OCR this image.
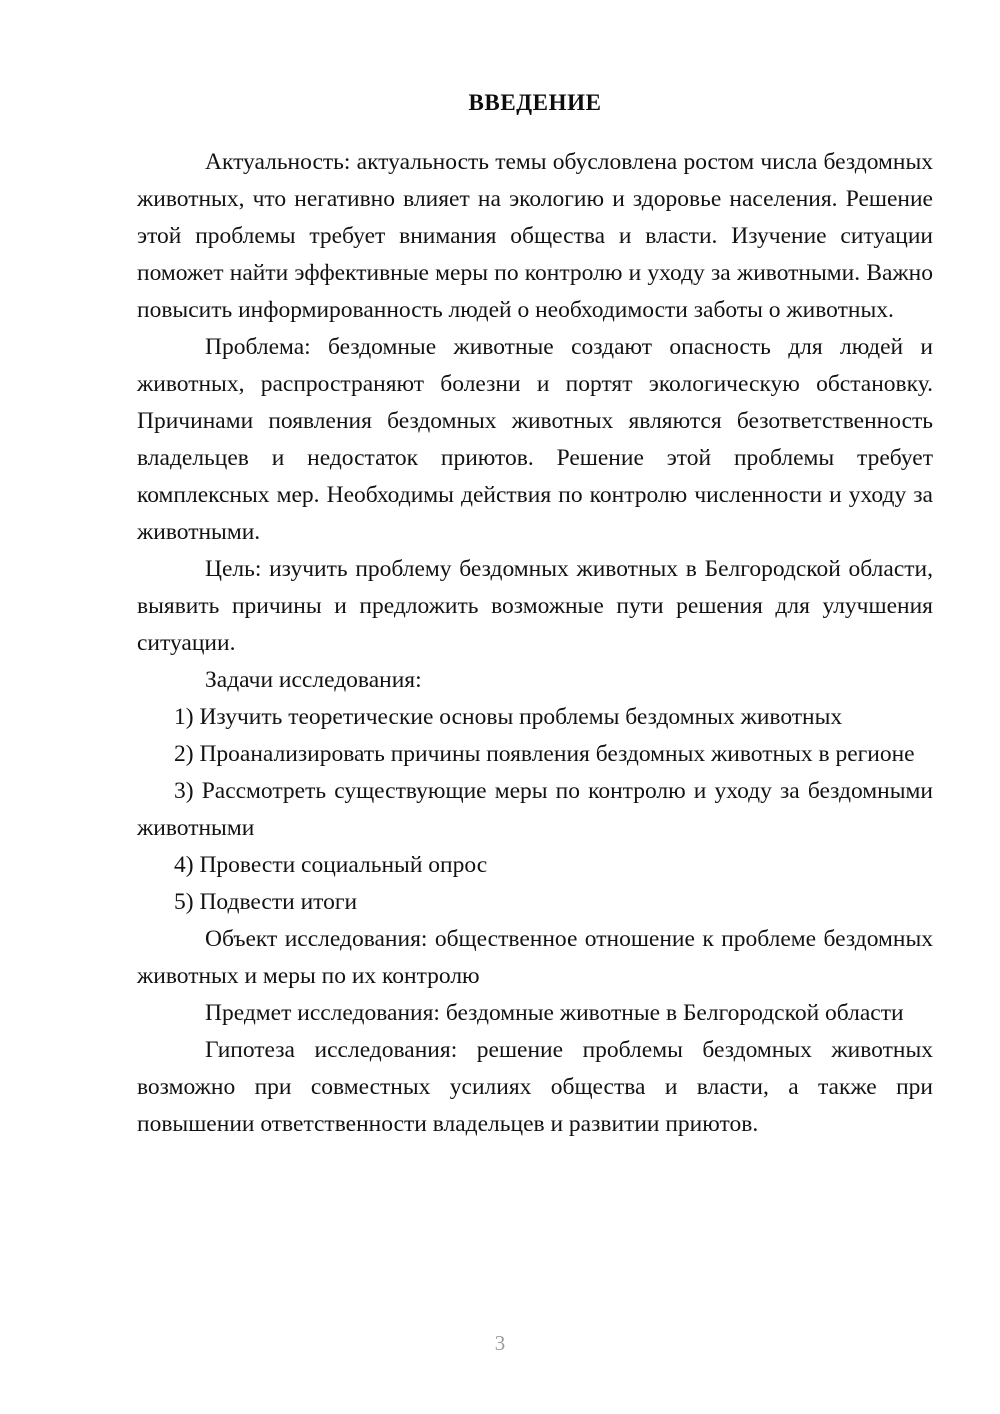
ВВЕДЕНИЕ

Актуальность: актуальность темы обусловлена ростом числа бездомных животных, что негативно влияет на экологию и здоровье населения. Решение этой проблемы требует внимания общества и власти. Изучение ситуации поможет найти эффективные меры по контролю и уходу за животными. Важно повысить информированность людей о необходимости заботы о животных.

Проблема: бездомные животные создают опасность для людей и животных, распространяют болезни и портят экологическую обстановку. Причинами появления бездомных животных являются безответственность владельцев и недостаток приютов. Решение этой проблемы требует комплексных мер. Необходимы действия по контролю численности и уходу за животными.

Цель: изучить проблему бездомных животных в Белгородской области, выявить причины и предложить возможные пути решения для улучшения ситуации.

Задачи исследования:

1) Изучить теоретические основы проблемы бездомных животных

2) Проанализировать причины появления бездомных животных в регионе

3) Рассмотреть существующие меры по контролю и уходу за бездомными животными

4) Провести социальный опрос

5) Подвести итоги

Объект исследования: общественное отношение к проблеме бездомных животных и меры по их контролю

Предмет исследования: бездомные животные в Белгородской области

Гипотеза исследования: решение проблемы бездомных животных возможно при совместных усилиях общества и власти, а также при повышении ответственности владельцев и развитии приютов.

3
